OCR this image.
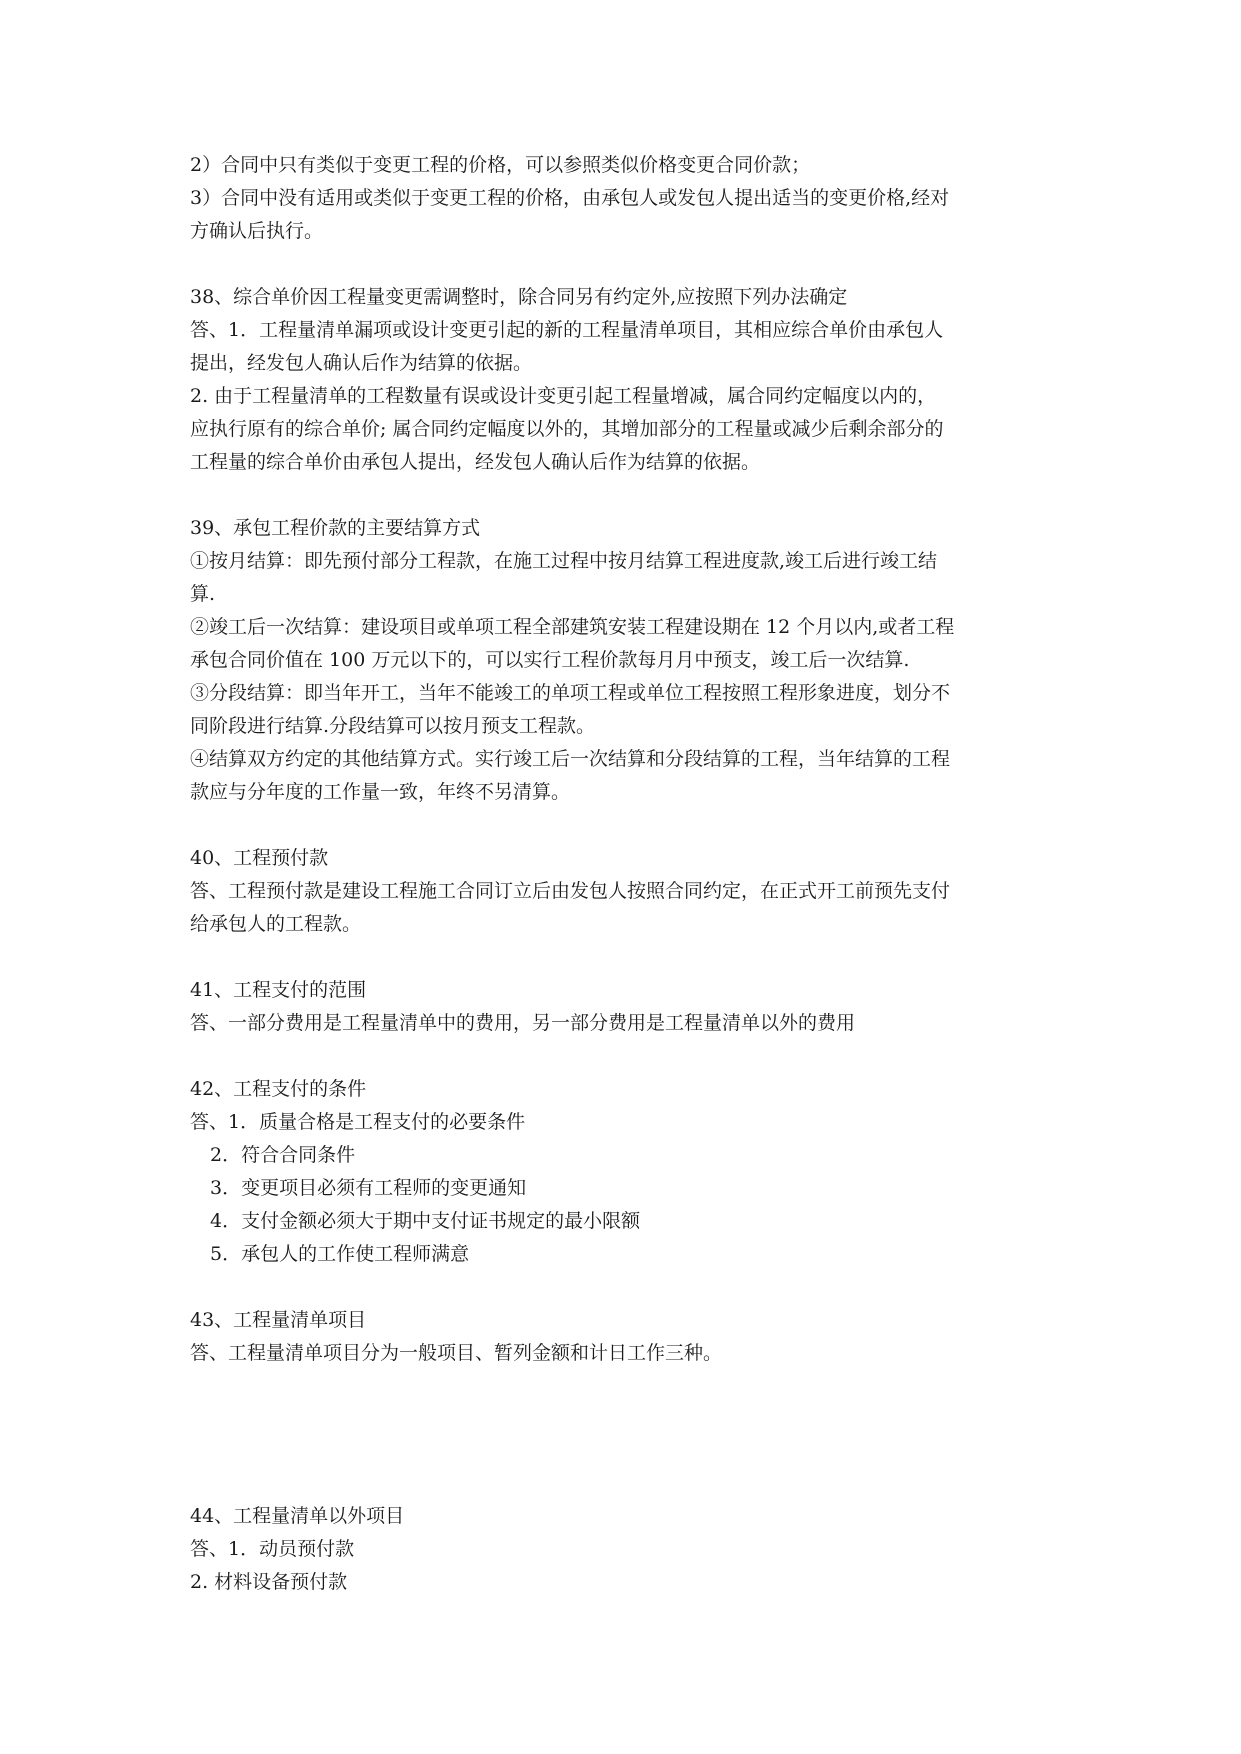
2）合同中只有类似于变更工程的价格，可以参照类似价格变更合同价款；
3）合同中没有适用或类似于变更工程的价格，由承包人或发包人提出适当的变更价格,经对
方确认后执行。
38、综合单价因工程量变更需调整时，除合同另有约定外,应按照下列办法确定
答、1．工程量清单漏项或设计变更引起的新的工程量清单项目，其相应综合单价由承包人
提出，经发包人确认后作为结算的依据。
2. 由于工程量清单的工程数量有误或设计变更引起工程量增减，属合同约定幅度以内的，
应执行原有的综合单价; 属合同约定幅度以外的，其增加部分的工程量或减少后剩余部分的
工程量的综合单价由承包人提出，经发包人确认后作为结算的依据。
39、承包工程价款的主要结算方式
①按月结算：即先预付部分工程款，在施工过程中按月结算工程进度款,竣工后进行竣工结
算.
②竣工后一次结算：建设项目或单项工程全部建筑安装工程建设期在 12 个月以内,或者工程
承包合同价值在 100 万元以下的，可以实行工程价款每月月中预支，竣工后一次结算.
③分段结算：即当年开工，当年不能竣工的单项工程或单位工程按照工程形象进度，划分不
同阶段进行结算.分段结算可以按月预支工程款。
④结算双方约定的其他结算方式。实行竣工后一次结算和分段结算的工程，当年结算的工程
款应与分年度的工作量一致，年终不另清算。
40、工程预付款
答、工程预付款是建设工程施工合同订立后由发包人按照合同约定，在正式开工前预先支付
给承包人的工程款。
41、工程支付的范围
答、一部分费用是工程量清单中的费用，另一部分费用是工程量清单以外的费用
42、工程支付的条件
答、1．质量合格是工程支付的必要条件
2．符合合同条件
3．变更项目必须有工程师的变更通知
4．支付金额必须大于期中支付证书规定的最小限额
5．承包人的工作使工程师满意
43、工程量清单项目
答、工程量清单项目分为一般项目、暂列金额和计日工作三种。
44、工程量清单以外项目
答、1．动员预付款
2. 材料设备预付款
